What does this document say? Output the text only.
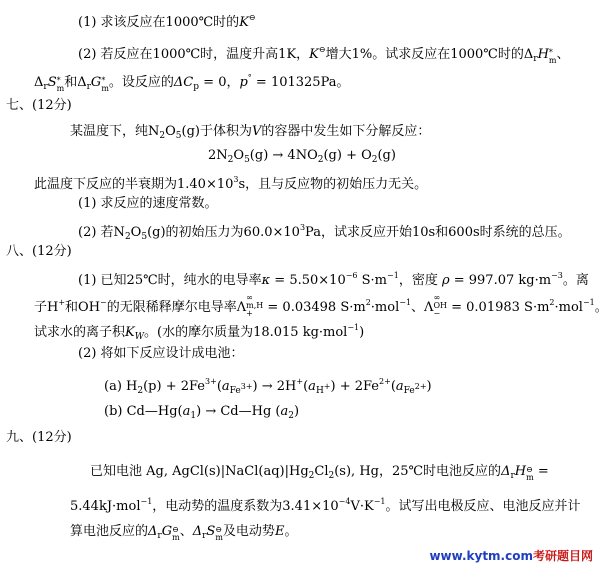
(1) 求该反应在1000℃时的K⊖
(2) 若反应在1000℃时，温度升高1K，K⊖增大1%。试求反应在1000℃时的$\Delta_rH$ *
m 、
$\Delta_rS$ *
m 和$\Delta_rG$ *
m 。设反应的$\Delta C_p = 0$，p° = 101325Pa。
七、(12分)
某温度下，纯$N_2O_5(g)$于体积为V的容器中发生如下分解反应：
$2N_2O_5(g) \to 4NO_2(g) + O_2(g)$
此温度下反应的半衰期为$1.40\times 10^3s$，且与反应物的初始压力无关。
(1) 求反应的速度常数。
(2) 若$N_2O_5(g)$的初始压力为$60.0\times 10^3Pa$，试求反应开始10s和600s时系统的总压。
八、(12分)
(1) 已知25℃时，纯水的电导率$\kappa = 5.50\times 10^{-6}$ $S\cdot m^{-1}$，密度 ρ = 997.07 $kg\cdot m^{-3}$。离
子H+和OH−的无限稀释摩尔电导率Λ
∞
m,H
+ = 0.03498 $S\cdot m^2\cdot mol^{-1}$、Λ
∞
OH
− = 0.01983 $S\cdot m^2\cdot mol^{-1}$。
试求水的离子积$K_W$。(水的摩尔质量为18.015 kg·mol$^{-1}$)
(2) 将如下反应设计成电池：
(a) $H_2(p) + 2Fe^{3+}(a_{Fe3+}) \to 2H^+(a_{H+}) + 2Fe^{2+}(a_{Fe2+})$
(b) $Cd—Hg(a_1)$ → Cd—Hg $(a_2)$
九、(12分)
已知电池 Ag, $AgCl(s)|NaCl(aq)|Hg_2Cl_2(s)$, Hg，25℃时电池反应的$\Delta_rH$ ⊖
m =
5.44kJ·mol$^{-1}$，电动势的温度系数为$3.41\times 10^{-4}V\cdot K^{-1}$。试写出电极反应、电池反应并计
算电池反应的$\Delta_rG$ ⊖
m 、$\Delta_rS$ ⊖
m 及电动势E。
www.kytm.com考研题目网
